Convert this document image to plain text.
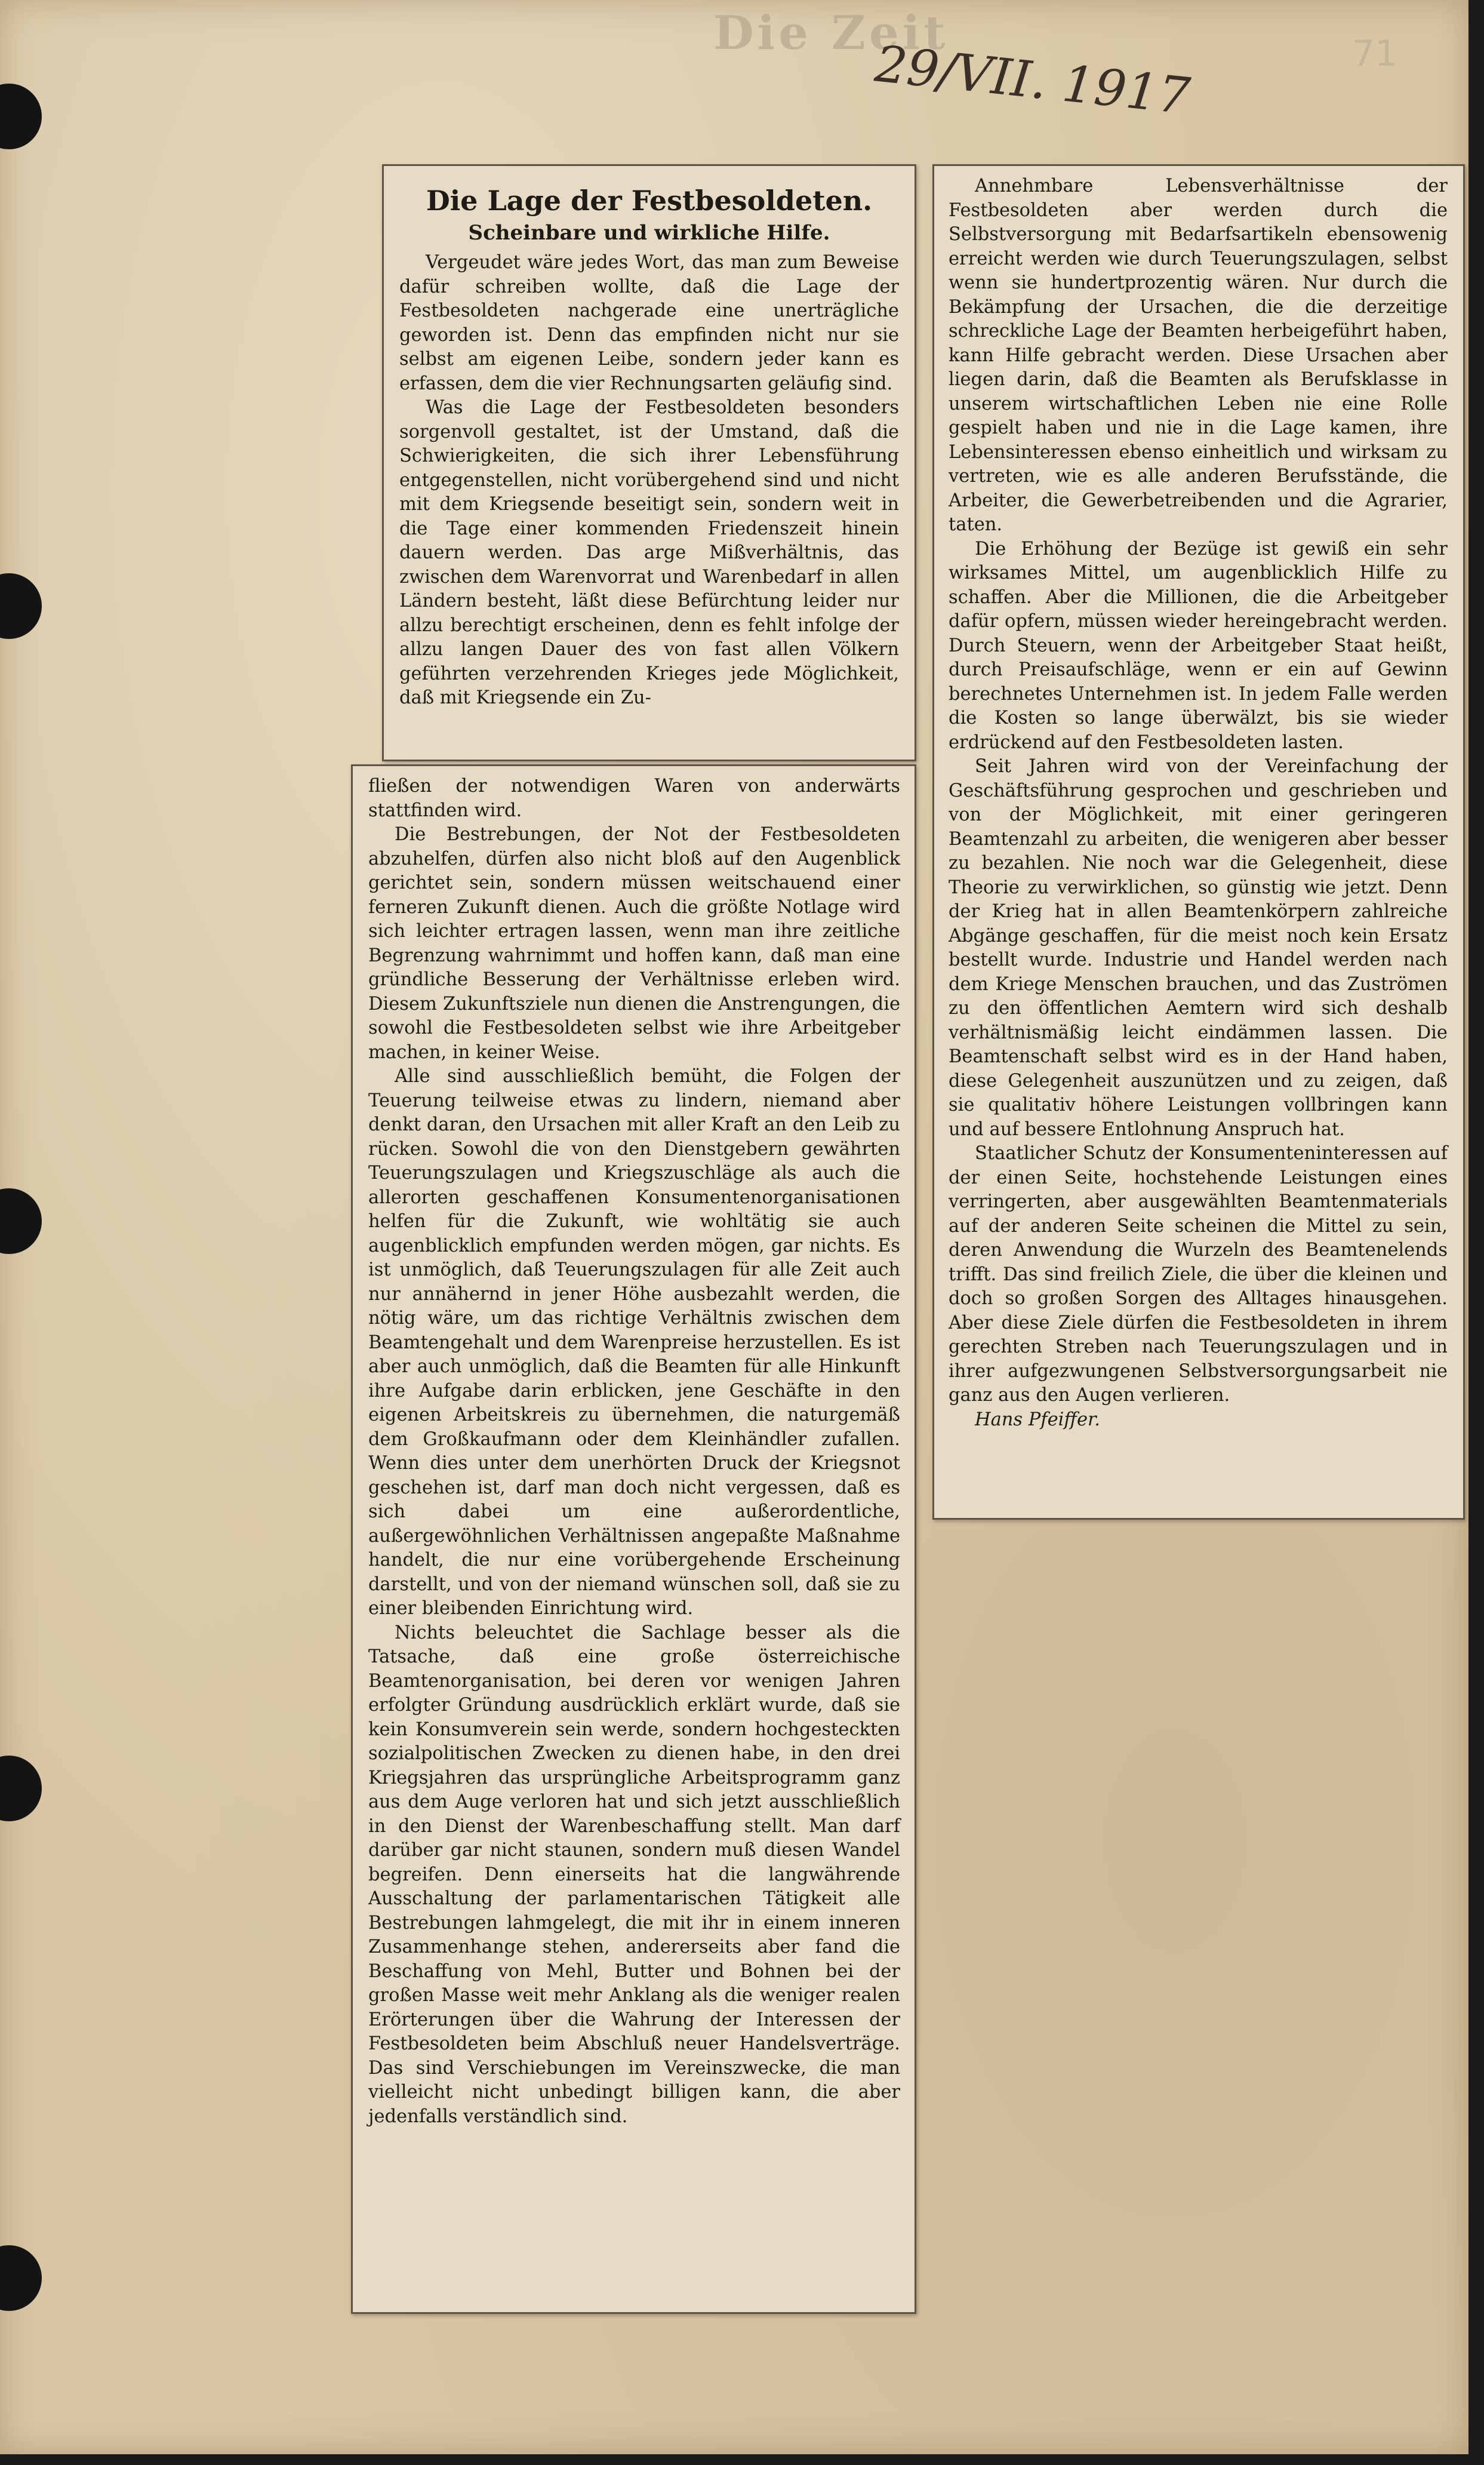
Die Zeit

29/VII. 1917	71

Die Lage der Festbesoldeten.
Scheinbare und wirkliche Hilfe.

Vergeudet wäre jedes Wort, das man zum Beweise dafür schreiben wollte, daß die Lage der Festbesoldeten nachgerade eine unerträgliche geworden ist. Denn das empfinden nicht nur sie selbst am eigenen Leibe, sondern jeder kann es erfassen, dem die vier Rechnungsarten geläufig sind.

Was die Lage der Festbesoldeten besonders sorgenvoll gestaltet, ist der Umstand, daß die Schwierigkeiten, die sich ihrer Lebensführung entgegenstellen, nicht vorübergehend sind und nicht mit dem Kriegsende beseitigt sein, sondern weit in die Tage einer kommenden Friedenszeit hinein dauern werden. Das arge Mißverhältnis, das zwischen dem Warenvorrat und Warenbedarf in allen Ländern besteht, läßt diese Befürchtung leider nur allzu berechtigt erscheinen, denn es fehlt infolge der allzu langen Dauer des von fast allen Völkern geführten verzehrenden Krieges jede Möglichkeit, daß mit Kriegsende ein Zu-

fließen der notwendigen Waren von anderwärts stattfinden wird.

Die Bestrebungen, der Not der Festbesoldeten abzuhelfen, dürfen also nicht bloß auf den Augenblick gerichtet sein, sondern müssen weitschauend einer ferneren Zukunft dienen. Auch die größte Notlage wird sich leichter ertragen lassen, wenn man ihre zeitliche Begrenzung wahrnimmt und hoffen kann, daß man eine gründliche Besserung der Verhältnisse erleben wird. Diesem Zukunftsziele nun dienen die Anstrengungen, die sowohl die Festbesoldeten selbst wie ihre Arbeitgeber machen, in keiner Weise.

Alle sind ausschließlich bemüht, die Folgen der Teuerung teilweise etwas zu lindern, niemand aber denkt daran, den Ursachen mit aller Kraft an den Leib zu rücken. Sowohl die von den Dienstgebern gewährten Teuerungszulagen und Kriegszuschläge als auch die allerorten geschaffenen Konsumentenorganisationen helfen für die Zukunft, wie wohltätig sie auch augenblicklich empfunden werden mögen, gar nichts. Es ist unmöglich, daß Teuerungszulagen für alle Zeit auch nur annähernd in jener Höhe ausbezahlt werden, die nötig wäre, um das richtige Verhältnis zwischen dem Beamtengehalt und dem Warenpreise herzustellen. Es ist aber auch unmöglich, daß die Beamten für alle Hinkunft ihre Aufgabe darin erblicken, jene Geschäfte in den eigenen Arbeitskreis zu übernehmen, die naturgemäß dem Großkaufmann oder dem Kleinhändler zufallen. Wenn dies unter dem unerhörten Druck der Kriegsnot geschehen ist, darf man doch nicht vergessen, daß es sich dabei um eine außerordentliche, außergewöhnlichen Verhältnissen angepaßte Maßnahme handelt, die nur eine vorübergehende Erscheinung darstellt, und von der niemand wünschen soll, daß sie zu einer bleibenden Einrichtung wird.

Nichts beleuchtet die Sachlage besser als die Tatsache, daß eine große österreichische Beamtenorganisation, bei deren vor wenigen Jahren erfolgter Gründung ausdrücklich erklärt wurde, daß sie kein Konsumverein sein werde, sondern hochgesteckten sozialpolitischen Zwecken zu dienen habe, in den drei Kriegsjahren das ursprüngliche Arbeitsprogramm ganz aus dem Auge verloren hat und sich jetzt ausschließlich in den Dienst der Warenbeschaffung stellt. Man darf darüber gar nicht staunen, sondern muß diesen Wandel begreifen. Denn einerseits hat die langwährende Ausschaltung der parlamentarischen Tätigkeit alle Bestrebungen lahmgelegt, die mit ihr in einem inneren Zusammenhange stehen, andererseits aber fand die Beschaffung von Mehl, Butter und Bohnen bei der großen Masse weit mehr Anklang als die weniger realen Erörterungen über die Wahrung der Interessen der Festbesoldeten beim Abschluß neuer Handelsverträge. Das sind Verschiebungen im Vereinszwecke, die man vielleicht nicht unbedingt billigen kann, die aber jedenfalls verständlich sind.

Annehmbare Lebensverhältnisse der Festbesoldeten aber werden durch die Selbstversorgung mit Bedarfsartikeln ebensowenig erreicht werden wie durch Teuerungszulagen, selbst wenn sie hundertprozentig wären. Nur durch die Bekämpfung der Ursachen, die die derzeitige schreckliche Lage der Beamten herbeigeführt haben, kann Hilfe gebracht werden. Diese Ursachen aber liegen darin, daß die Beamten als Berufsklasse in unserem wirtschaftlichen Leben nie eine Rolle gespielt haben und nie in die Lage kamen, ihre Lebensinteressen ebenso einheitlich und wirksam zu vertreten, wie es alle anderen Berufsstände, die Arbeiter, die Gewerbetreibenden und die Agrarier, taten.

Die Erhöhung der Bezüge ist gewiß ein sehr wirksames Mittel, um augenblicklich Hilfe zu schaffen. Aber die Millionen, die die Arbeitgeber dafür opfern, müssen wieder hereingebracht werden. Durch Steuern, wenn der Arbeitgeber Staat heißt, durch Preisaufschläge, wenn er ein auf Gewinn berechnetes Unternehmen ist. In jedem Falle werden die Kosten so lange überwälzt, bis sie wieder erdrückend auf den Festbesoldeten lasten.

Seit Jahren wird von der Vereinfachung der Geschäftsführung gesprochen und geschrieben und von der Möglichkeit, mit einer geringeren Beamtenzahl zu arbeiten, die wenigeren aber besser zu bezahlen. Nie noch war die Gelegenheit, diese Theorie zu verwirklichen, so günstig wie jetzt. Denn der Krieg hat in allen Beamtenkörpern zahlreiche Abgänge geschaffen, für die meist noch kein Ersatz bestellt wurde. Industrie und Handel werden nach dem Kriege Menschen brauchen, und das Zuströmen zu den öffentlichen Aemtern wird sich deshalb verhältnismäßig leicht eindämmen lassen. Die Beamtenschaft selbst wird es in der Hand haben, diese Gelegenheit auszunützen und zu zeigen, daß sie qualitativ höhere Leistungen vollbringen kann und auf bessere Entlohnung Anspruch hat.

Staatlicher Schutz der Konsumenteninteressen auf der einen Seite, hochstehende Leistungen eines verringerten, aber ausgewählten Beamtenmaterials auf der anderen Seite scheinen die Mittel zu sein, deren Anwendung die Wurzeln des Beamtenelends trifft. Das sind freilich Ziele, die über die kleinen und doch so großen Sorgen des Alltages hinausgehen. Aber diese Ziele dürfen die Festbesoldeten in ihrem gerechten Streben nach Teuerungszulagen und in ihrer aufgezwungenen Selbstversorgungsarbeit nie ganz aus den Augen verlieren.

Hans Pfeiffer.
